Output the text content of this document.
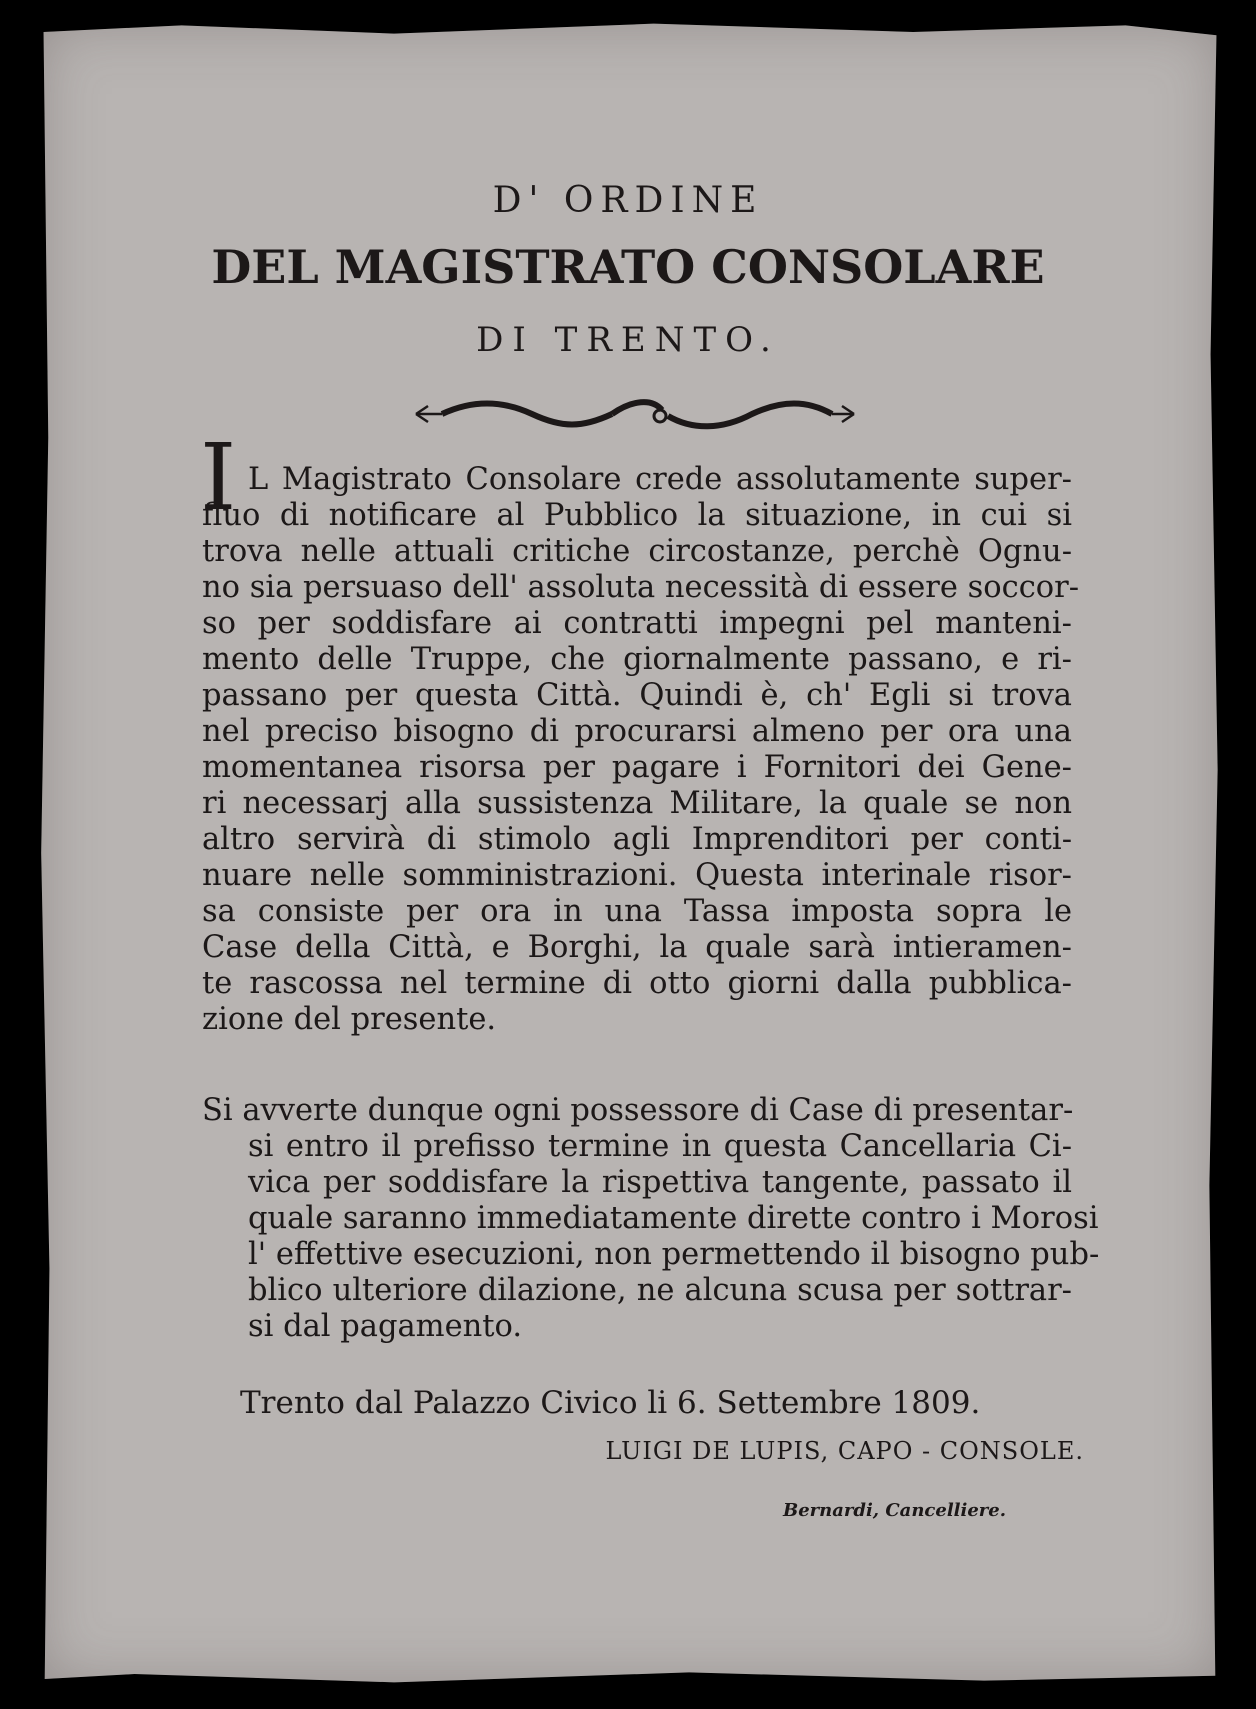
D' ORDINE
DEL MAGISTRATO CONSOLARE
DI TRENTO.
I L Magistrato Consolare crede assolutamente super-
fluo di notificare al Pubblico la situazione, in cui si
trova nelle attuali critiche circostanze, perchè Ognu-
no sia persuaso dell' assoluta necessità di essere soccor-
so per soddisfare ai contratti impegni pel manteni-
mento delle Truppe, che giornalmente passano, e ri-
passano per questa Città. Quindi è, ch' Egli si trova
nel preciso bisogno di procurarsi almeno per ora una
momentanea risorsa per pagare i Fornitori dei Gene-
ri necessarj alla sussistenza Militare, la quale se non
altro servirà di stimolo agli Imprenditori per conti-
nuare nelle somministrazioni. Questa interinale risor-
sa consiste per ora in una Tassa imposta sopra le
Case della Città, e Borghi, la quale sarà intieramen-
te rascossa nel termine di otto giorni dalla pubblica-
zione del presente.
Si avverte dunque ogni possessore di Case di presentar-
si entro il prefisso termine in questa Cancellaria Ci-
vica per soddisfare la rispettiva tangente, passato il
quale saranno immediatamente dirette contro i Morosi
l' effettive esecuzioni, non permettendo il bisogno pub-
blico ulteriore dilazione, ne alcuna scusa per sottrar-
si dal pagamento.
Trento dal Palazzo Civico li 6. Settembre 1809.
LUIGI DE LUPIS, CAPO - CONSOLE.
Bernardi, Cancelliere.
